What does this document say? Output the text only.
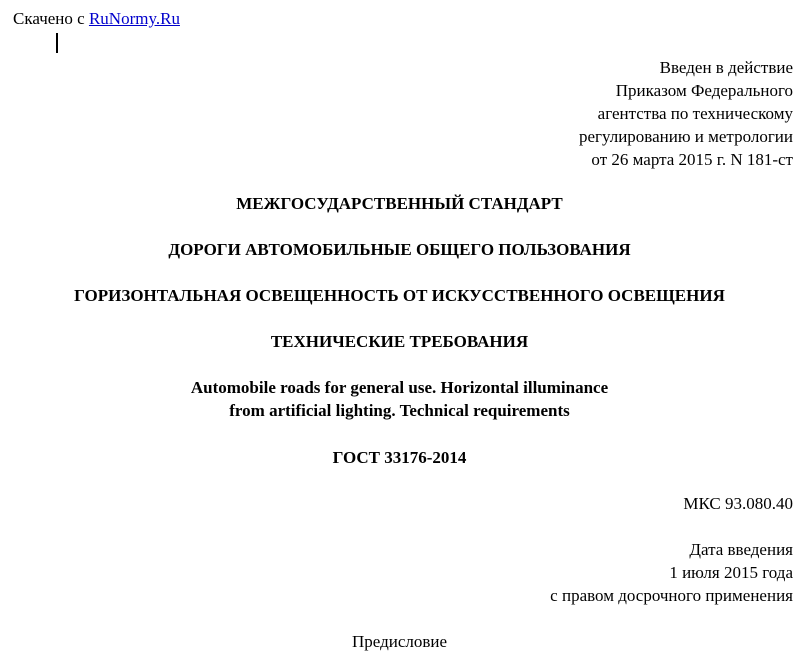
Скачено с RuNormy.Ru
Введен в действие
Приказом Федерального
агентства по техническому
регулированию и метрологии
от 26 марта 2015 г. N 181-ст
МЕЖГОСУДАРСТВЕННЫЙ СТАНДАРТ
ДОРОГИ АВТОМОБИЛЬНЫЕ ОБЩЕГО ПОЛЬЗОВАНИЯ
ГОРИЗОНТАЛЬНАЯ ОСВЕЩЕННОСТЬ ОТ ИСКУССТВЕННОГО ОСВЕЩЕНИЯ
ТЕХНИЧЕСКИЕ ТРЕБОВАНИЯ
Automobile roads for general use. Horizontal illuminance
from artificial lighting. Technical requirements
ГОСТ 33176-2014
МКС 93.080.40
Дата введения
1 июля 2015 года
с правом досрочного применения
Предисловие
